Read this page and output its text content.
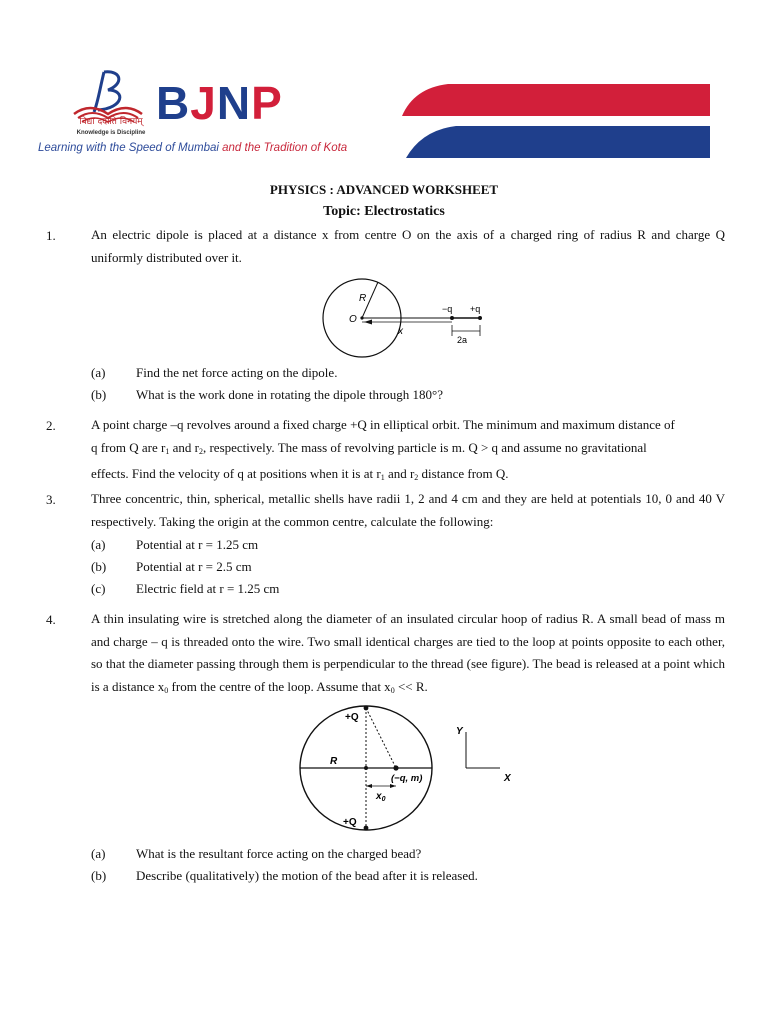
विद्या ददाति विनयम्
Knowledge is Discipline
BJNP
Learning with the Speed of Mumbai and the Tradition of Kota
PHYSICS : ADVANCED WORKSHEET
Topic: Electrostatics
1.	An electric dipole is placed at a distance x from centre O on the axis of a charged ring of radius R and charge Q uniformly distributed over it.
R
O
x
−q +q
2a
(a) Find the net force acting on the dipole.
(b) What is the work done in rotating the dipole through 180°?
2.	A point charge –q revolves around a fixed charge +Q in elliptical orbit. The minimum and maximum distance of
q from Q are $r_1$ and $r_2$, respectively. The mass of revolving particle is m. Q > q and assume no gravitational
effects. Find the velocity of q at positions when it is at $r_1$ and $r_2$ distance from Q.
3.	Three concentric, thin, spherical, metallic shells have radii 1, 2 and 4 cm and they are held at potentials 10, 0 and 40 V respectively. Taking the origin at the common centre, calculate the following:
(a) Potential at r = 1.25 cm
(b) Potential at r = 2.5 cm
(c) Electric field at r = 1.25 cm
4.	A thin insulating wire is stretched along the diameter of an insulated circular hoop of radius R. A small bead of mass m and charge – q is threaded onto the wire. Two small identical charges are tied to the loop at points opposite to each other, so that the diameter passing through them is perpendicular to the thread (see figure). The bead is released at a point which is a distance $x_0$ from the centre of the loop. Assume that $x_0 << R$.
+Q
+Q
R
(−q, m)
$x_0$
Y
X
(a) What is the resultant force acting on the charged bead?
(b) Describe (qualitatively) the motion of the bead after it is released.
